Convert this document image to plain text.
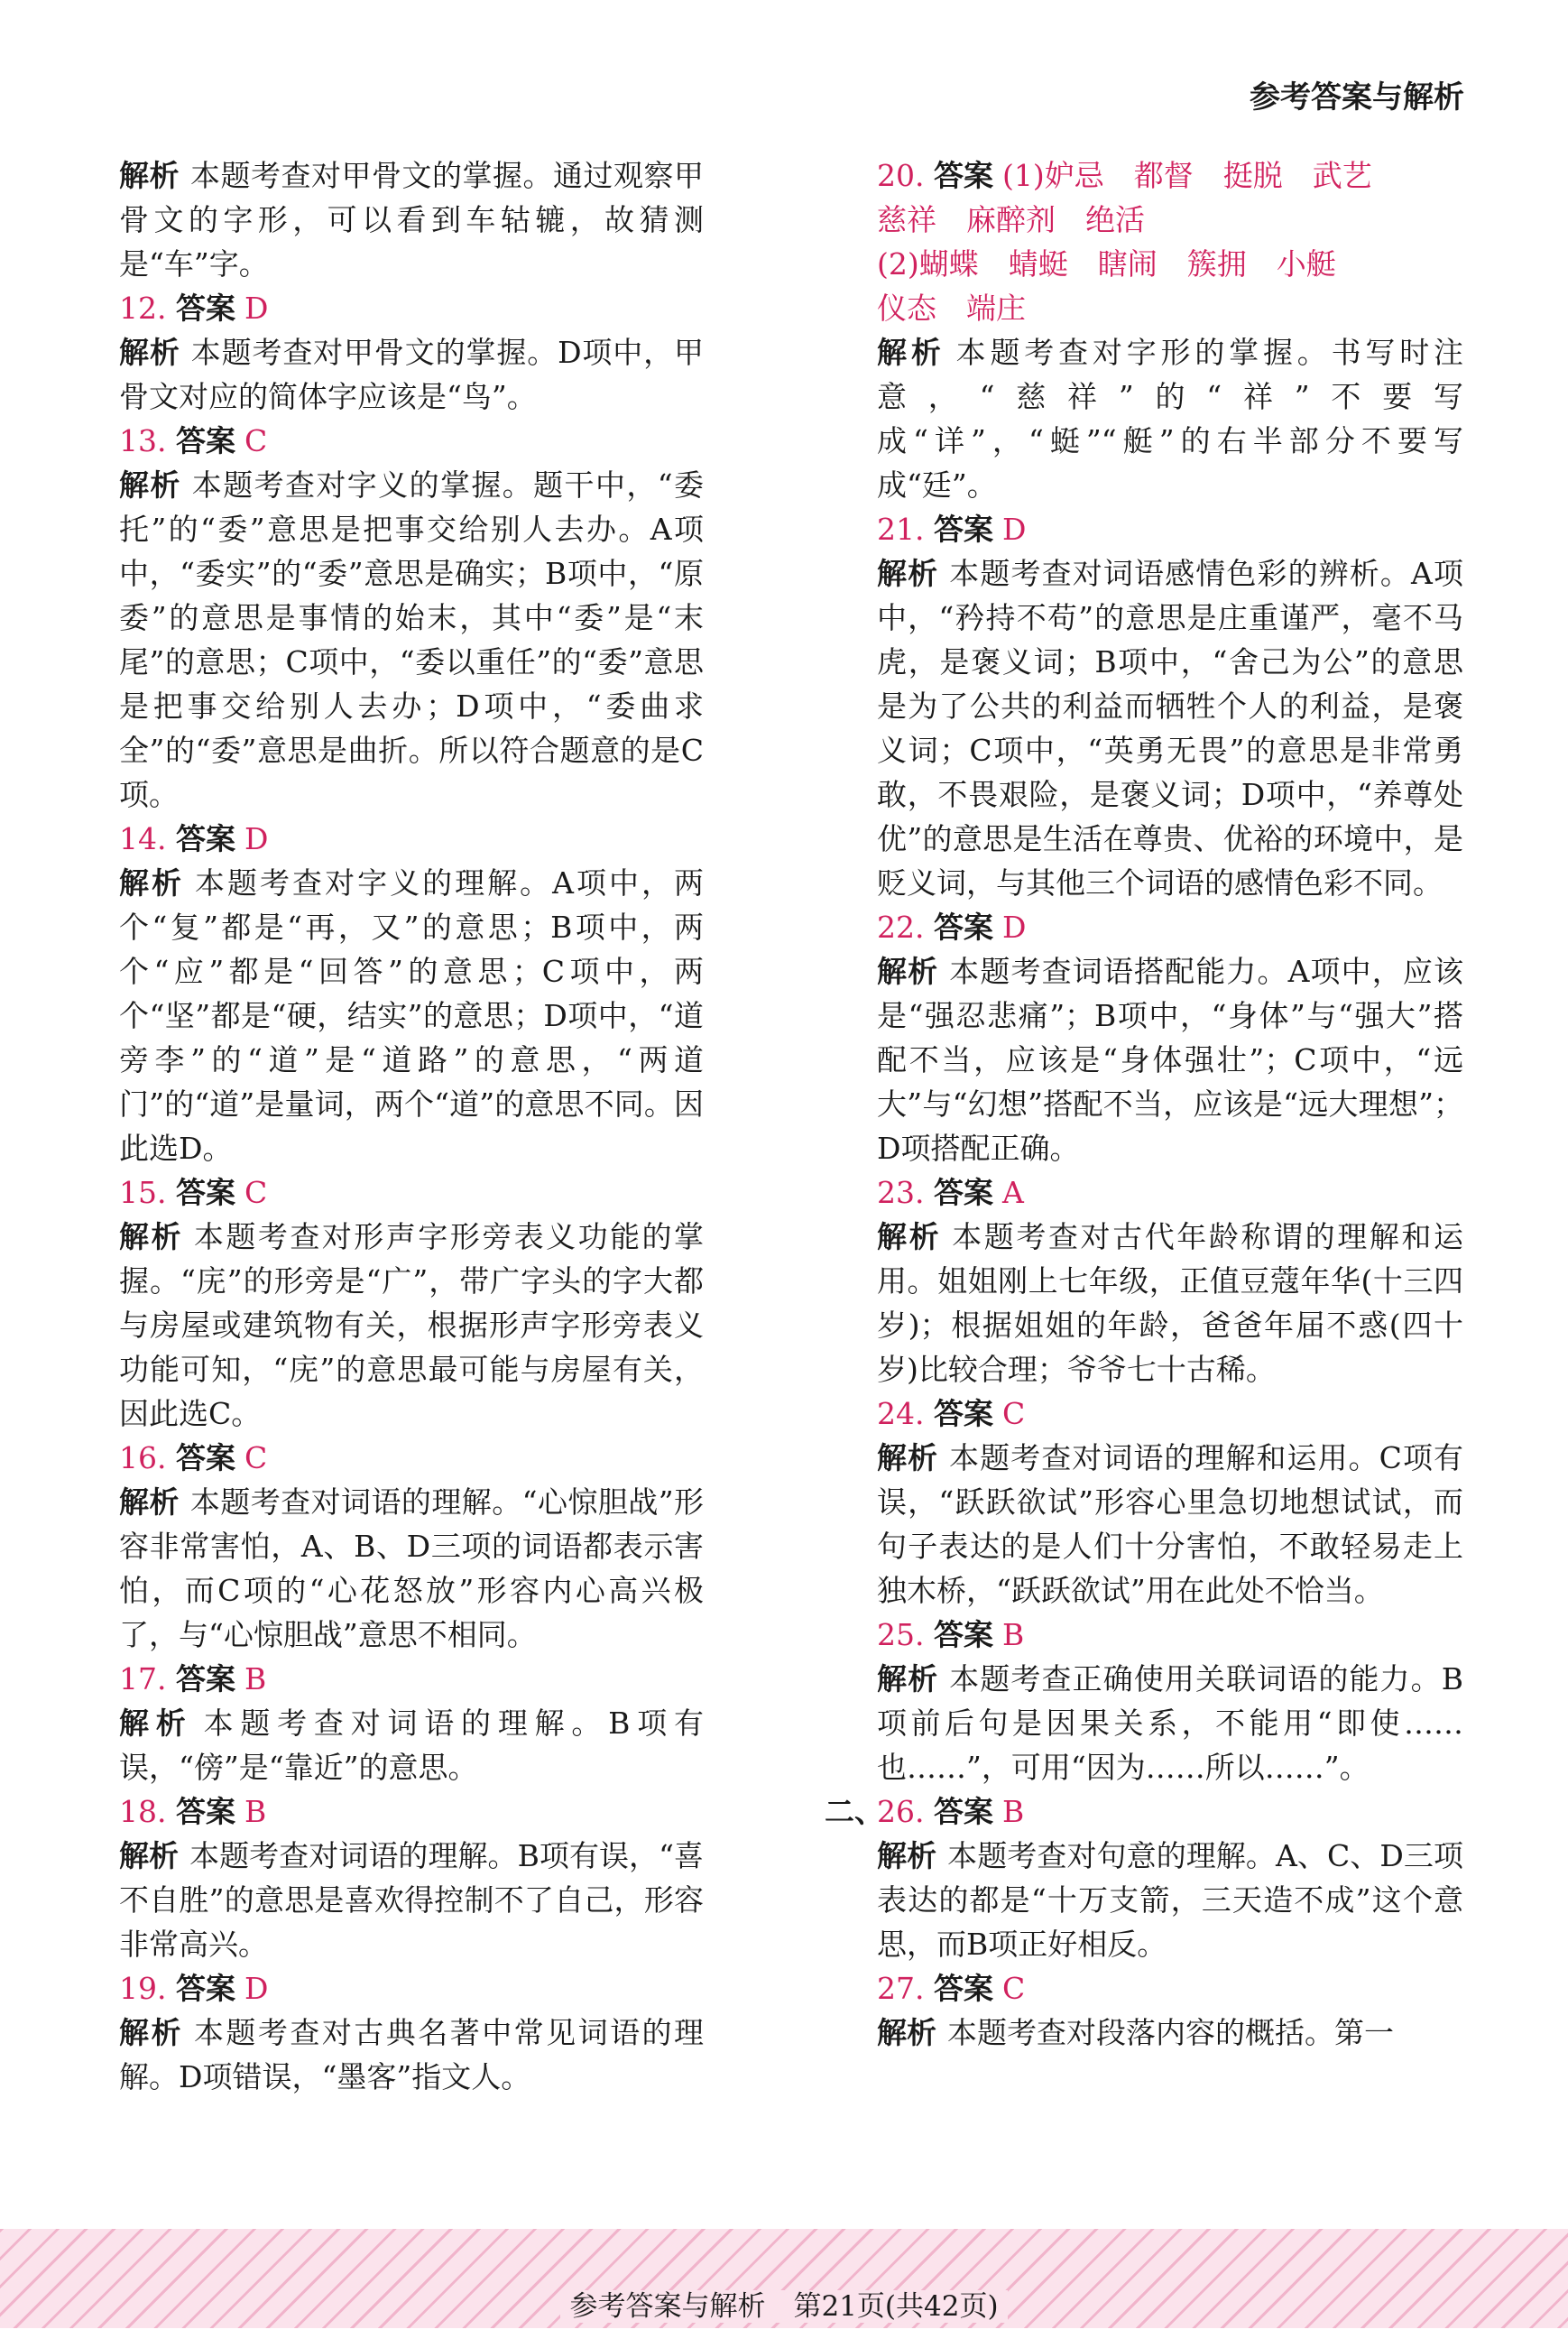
参考答案与解析

解析 本题考查对甲骨文的掌握。通过观察甲骨文的字形，可以看到车轱辘，故猜测是“车”字。

12. 答案 D

解析 本题考查对甲骨文的掌握。D项中，甲骨文对应的简体字应该是“鸟”。

13. 答案 C

解析 本题考查对字义的掌握。题干中，“委托”的“委”意思是把事交给别人去办。A项中，“委实”的“委”意思是确实；B项中，“原委”的意思是事情的始末，其中“委”是“末尾”的意思；C项中，“委以重任”的“委”意思是把事交给别人去办；D项中，“委曲求全”的“委”意思是曲折。所以符合题意的是C项。

14. 答案 D

解析 本题考查对字义的理解。A项中，两个“复”都是“再，又”的意思；B项中，两个“应”都是“回答”的意思；C项中，两个“坚”都是“硬，结实”的意思；D项中，“道旁李”的“道”是“道路”的意思，“两道门”的“道”是量词，两个“道”的意思不同。因此选D。

15. 答案 C

解析 本题考查对形声字形旁表义功能的掌握。“庑”的形旁是“广”，带广字头的字大都与房屋或建筑物有关，根据形声字形旁表义功能可知，“庑”的意思最可能与房屋有关，因此选C。

16. 答案 C

解析 本题考查对词语的理解。“心惊胆战”形容非常害怕，A、B、D三项的词语都表示害怕，而C项的“心花怒放”形容内心高兴极了，与“心惊胆战”意思不相同。

17. 答案 B

解析 本题考查对词语的理解。B项有误，“傍”是“靠近”的意思。

18. 答案 B

解析 本题考查对词语的理解。B项有误，“喜不自胜”的意思是喜欢得控制不了自己，形容非常高兴。

19. 答案 D

解析 本题考查对古典名著中常见词语的理解。D项错误，“墨客”指文人。

20. 答案 (1)妒忌　都督　挺脱　武艺

慈祥　麻醉剂　绝活

(2)蝴蝶　蜻蜓　瞎闹　簇拥　小艇

仪态　端庄

解析 本题考查对字形的掌握。书写时注意，“慈祥”的“祥”不要写成“详”，“蜓”“艇”的右半部分不要写成“廷”。

21. 答案 D

解析 本题考查对词语感情色彩的辨析。A项中，“矜持不苟”的意思是庄重谨严，毫不马虎，是褒义词；B项中，“舍己为公”的意思是为了公共的利益而牺牲个人的利益，是褒义词；C项中，“英勇无畏”的意思是非常勇敢，不畏艰险，是褒义词；D项中，“养尊处优”的意思是生活在尊贵、优裕的环境中，是贬义词，与其他三个词语的感情色彩不同。

22. 答案 D

解析 本题考查词语搭配能力。A项中，应该是“强忍悲痛”；B项中，“身体”与“强大”搭配不当，应该是“身体强壮”；C项中，“远大”与“幻想”搭配不当，应该是“远大理想”；D项搭配正确。

23. 答案 A

解析 本题考查对古代年龄称谓的理解和运用。姐姐刚上七年级，正值豆蔻年华(十三四岁)；根据姐姐的年龄，爸爸年届不惑(四十岁)比较合理；爷爷七十古稀。

24. 答案 C

解析 本题考查对词语的理解和运用。C项有误，“跃跃欲试”形容心里急切地想试试，而句子表达的是人们十分害怕，不敢轻易走上独木桥，“跃跃欲试”用在此处不恰当。

25. 答案 B

解析 本题考查正确使用关联词语的能力。B项前后句是因果关系，不能用“即使……也……”，可用“因为……所以……”。

二、
26. 答案 B

解析 本题考查对句意的理解。A、C、D三项表达的都是“十万支箭，三天造不成”这个意思，而B项正好相反。

27. 答案 C

解析 本题考查对段落内容的概括。第一

参考答案与解析　第21页(共42页)
